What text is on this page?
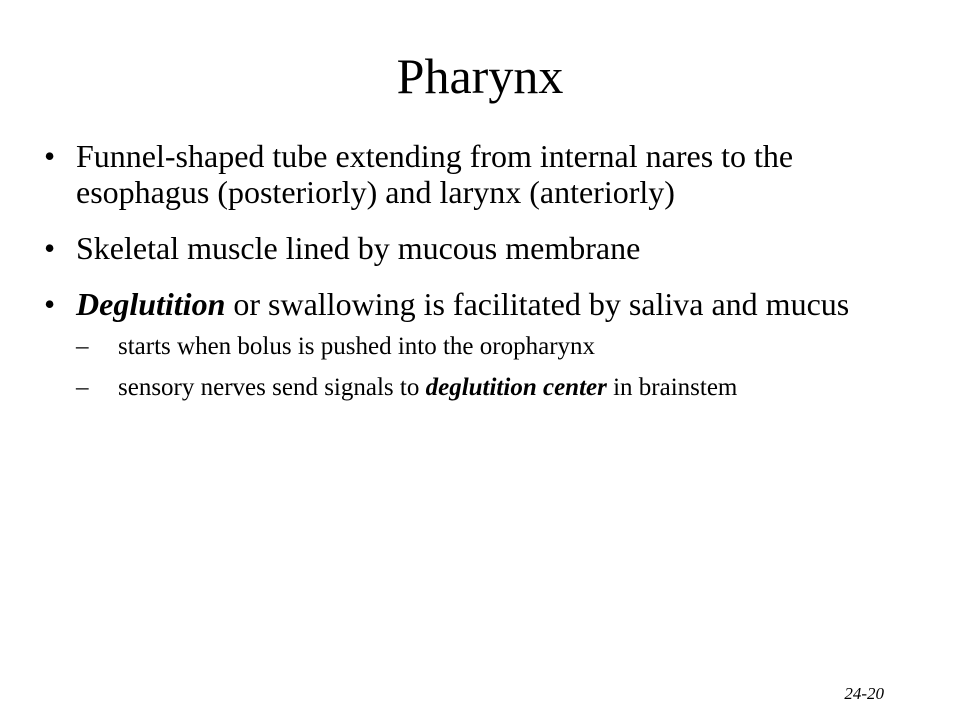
Pharynx
• Funnel-shaped tube extending from internal nares to the esophagus (posteriorly) and larynx (anteriorly)
• Skeletal muscle lined by mucous membrane
• Deglutition or swallowing is facilitated by saliva and mucus
– starts when bolus is pushed into the oropharynx
– sensory nerves send signals to deglutition center in brainstem
24-20
